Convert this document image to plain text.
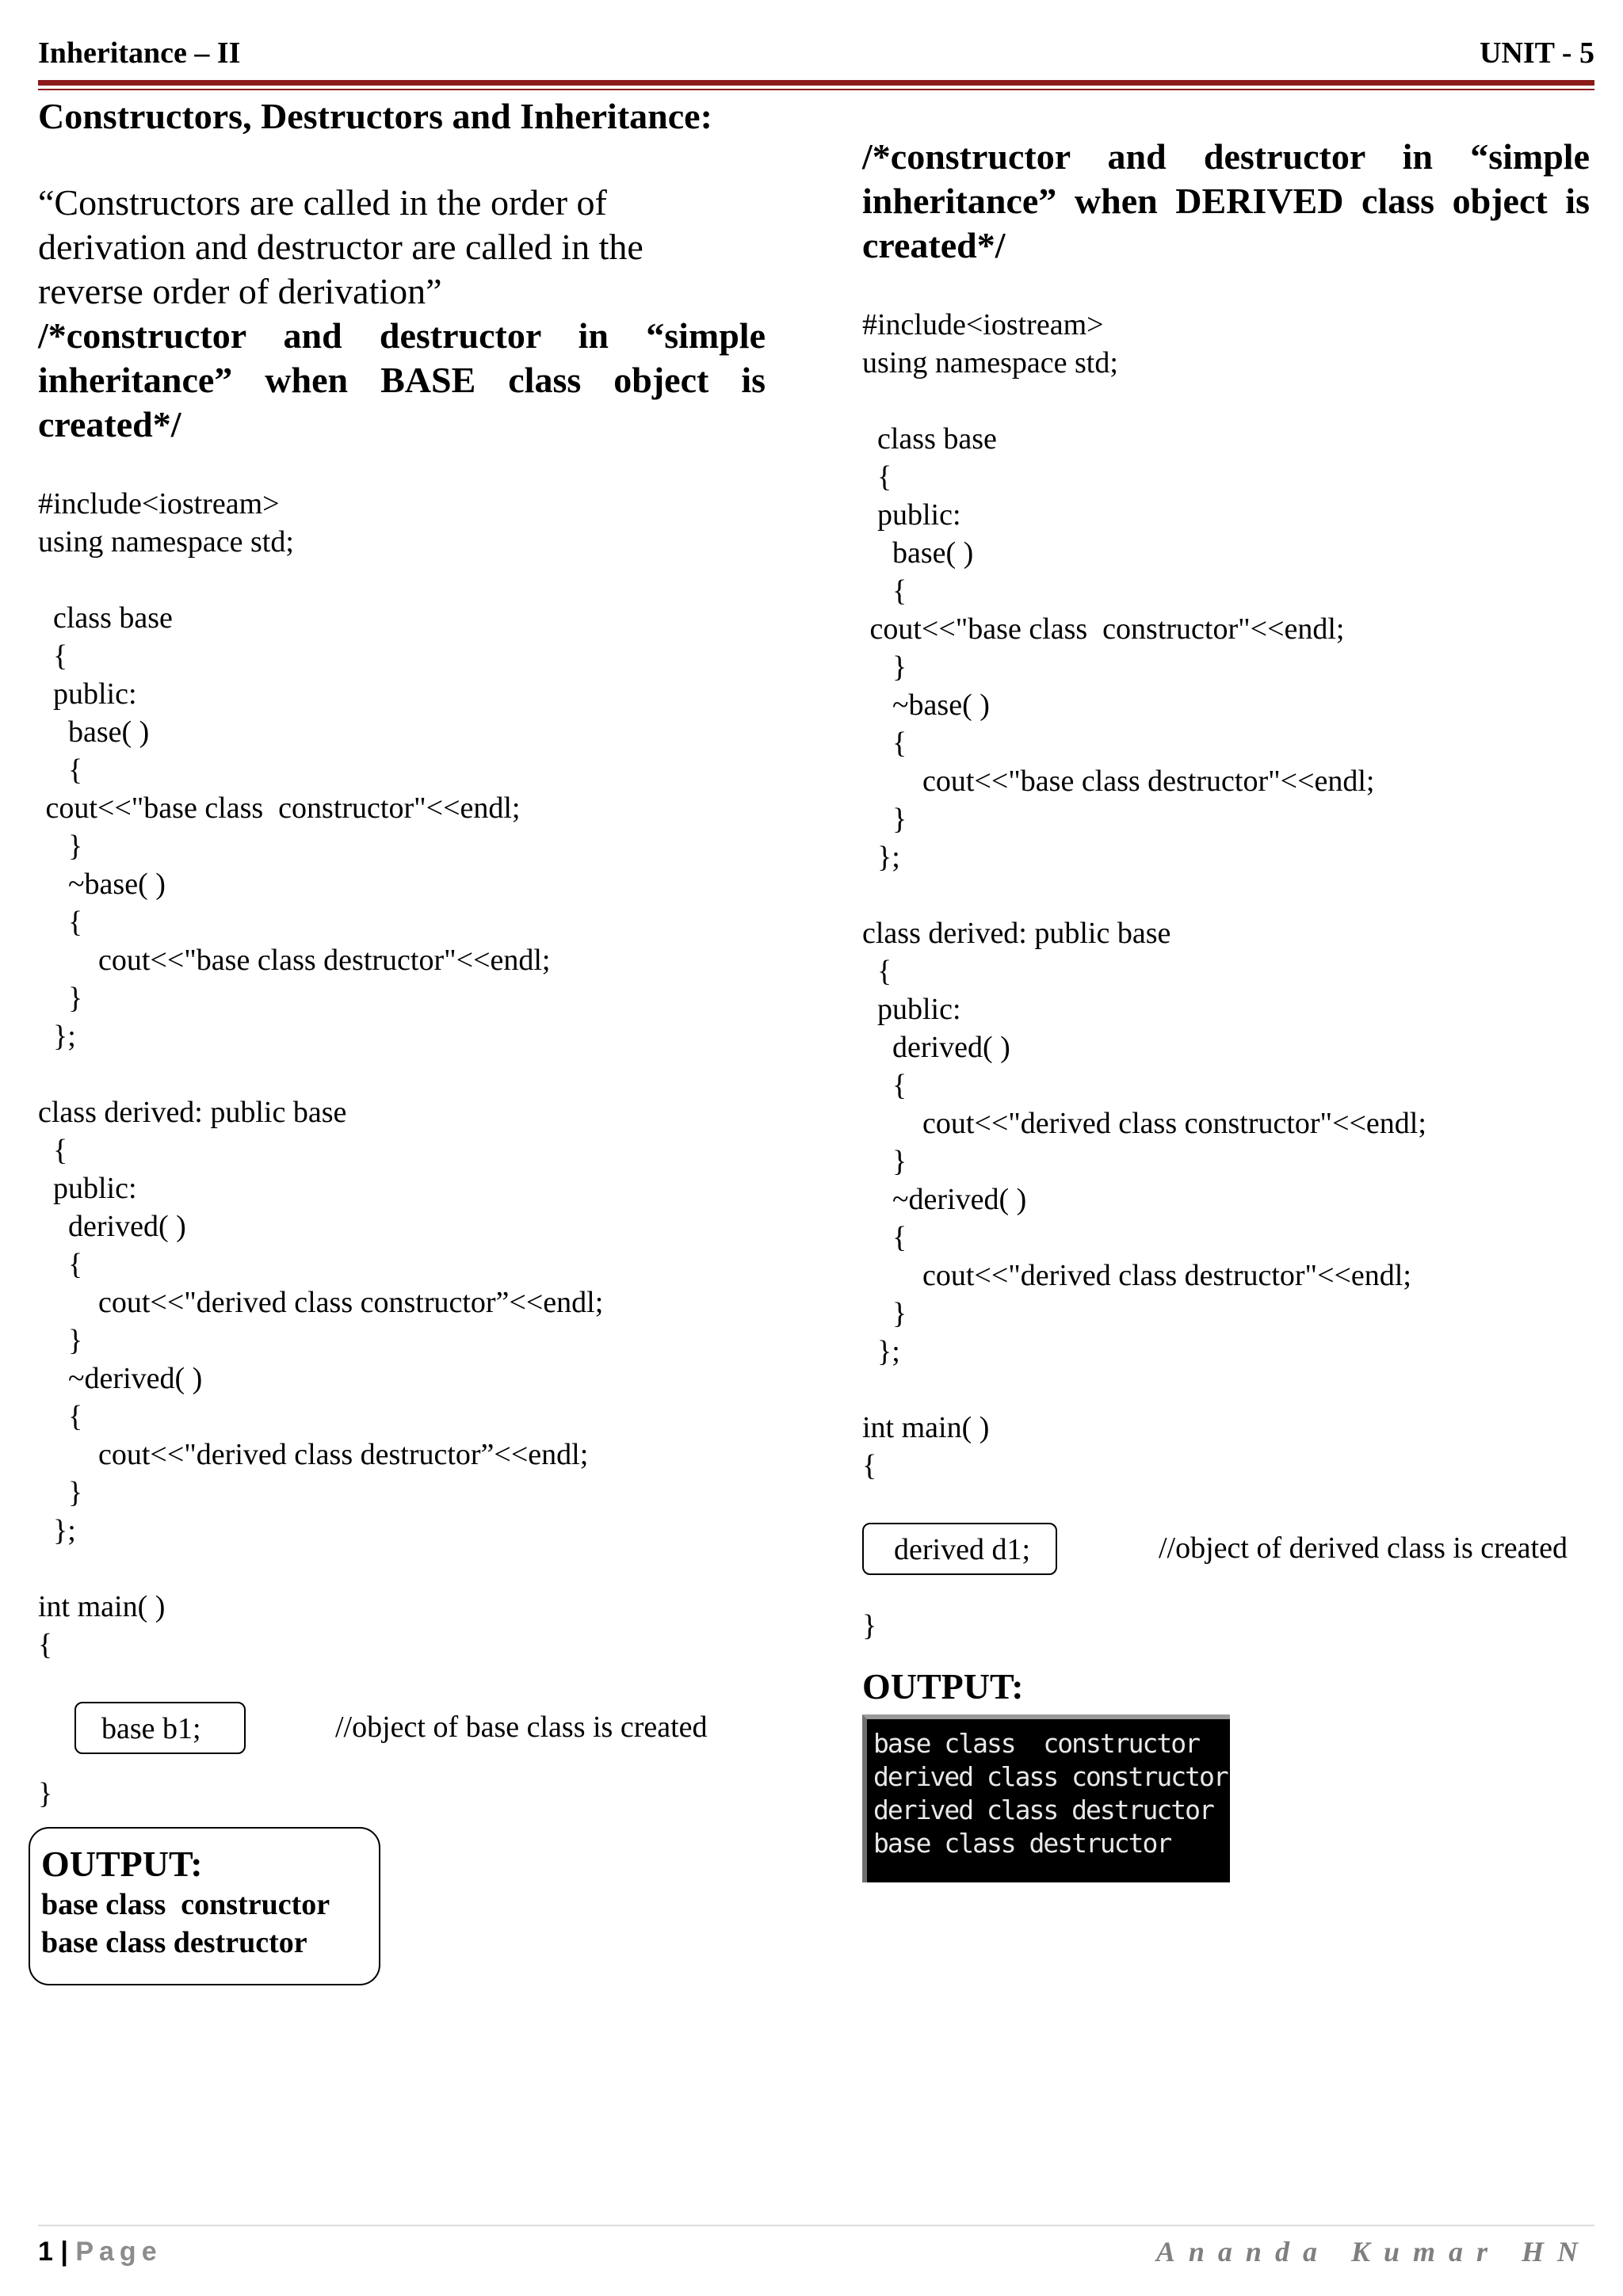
Inheritance – II	UNIT - 5
Constructors, Destructors and Inheritance:

“Constructors are called in the order of
derivation and destructor are called in the
reverse order of derivation”

/*constructor and destructor in “simple inheritance” when BASE class object is created*/

#include<iostream>
using namespace std;
class base
{
public:
base( )
{
cout<<"base class  constructor"<<endl;
}
~base( )
{
cout<<"base class destructor"<<endl;
}
};
class derived: public base
{
public:
derived( )
{
cout<<"derived class constructor”<<endl;
}
~derived( )
{
cout<<"derived class destructor”<<endl;
}
};
int main( )
{
base b1;	//object of base class is created
}
OUTPUT:
base class  constructor
base class destructor

/*constructor and destructor in “simple inheritance” when DERIVED class object is created*/

#include<iostream>
using namespace std;
class base
{
public:
base( )
{
cout<<"base class  constructor"<<endl;
}
~base( )
{
cout<<"base class destructor"<<endl;
}
};
class derived: public base
{
public:
derived( )
{
cout<<"derived class constructor"<<endl;
}
~derived( )
{
cout<<"derived class destructor"<<endl;
}
};
int main( )
{
derived d1;	//object of derived class is created
}
OUTPUT:
base class  constructor
derived class constructor
derived class destructor
base class destructor
1 | Page	Ananda Kumar HN
